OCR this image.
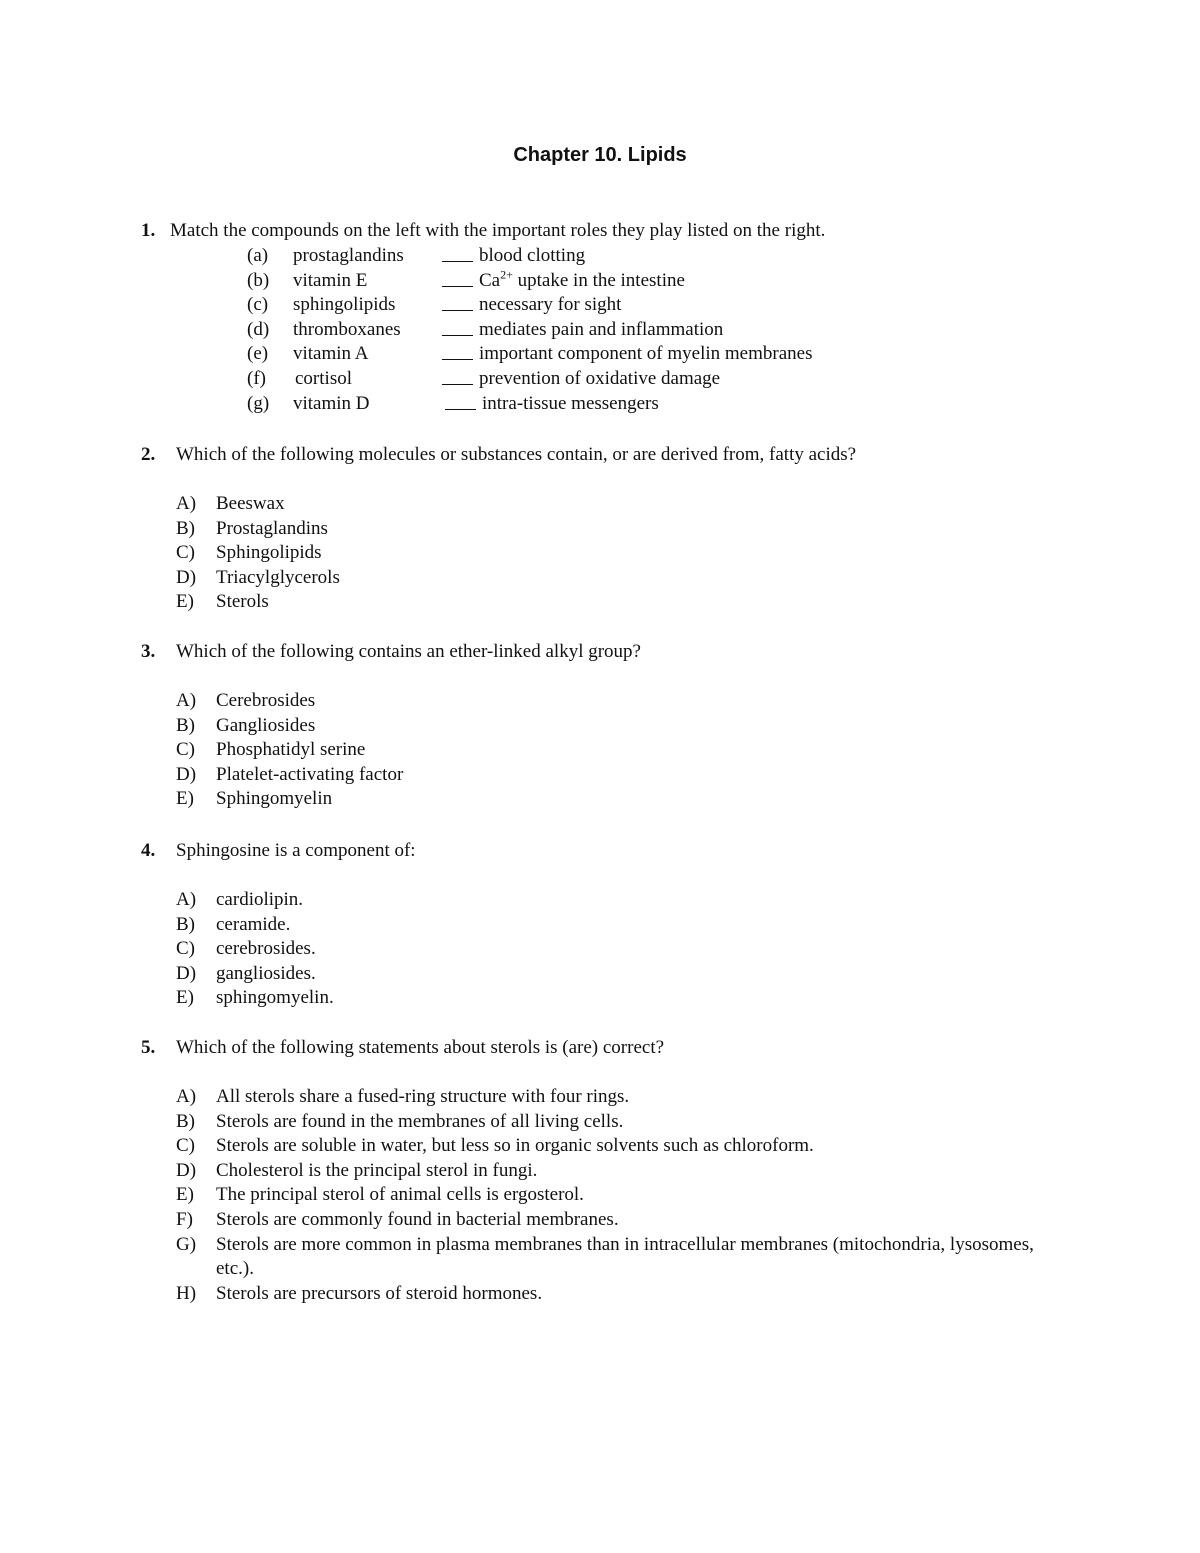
Chapter 10. Lipids
1. Match the compounds on the left with the important roles they play listed on the right.
(a) prostaglandins	blood clotting
(b) vitamin E	$Ca^{2+}$ uptake in the intestine
(c) sphingolipids	necessary for sight
(d) thromboxanes	mediates pain and inflammation
(e) vitamin A	important component of myelin membranes
(f) cortisol	prevention of oxidative damage
(g) vitamin D	intra-tissue messengers
2. Which of the following molecules or substances contain, or are derived from, fatty acids?
A) Beeswax
B) Prostaglandins
C) Sphingolipids
D) Triacylglycerols
E) Sterols
3. Which of the following contains an ether-linked alkyl group?
A) Cerebrosides
B) Gangliosides
C) Phosphatidyl serine
D) Platelet-activating factor
E) Sphingomyelin
4. Sphingosine is a component of:
A) cardiolipin.
B) ceramide.
C) cerebrosides.
D) gangliosides.
E) sphingomyelin.
5. Which of the following statements about sterols is (are) correct?
A) All sterols share a fused-ring structure with four rings.
B) Sterols are found in the membranes of all living cells.
C) Sterols are soluble in water, but less so in organic solvents such as chloroform.
D) Cholesterol is the principal sterol in fungi.
E) The principal sterol of animal cells is ergosterol.
F) Sterols are commonly found in bacterial membranes.
G) Sterols are more common in plasma membranes than in intracellular membranes (mitochondria, lysosomes, etc.).
H) Sterols are precursors of steroid hormones.
